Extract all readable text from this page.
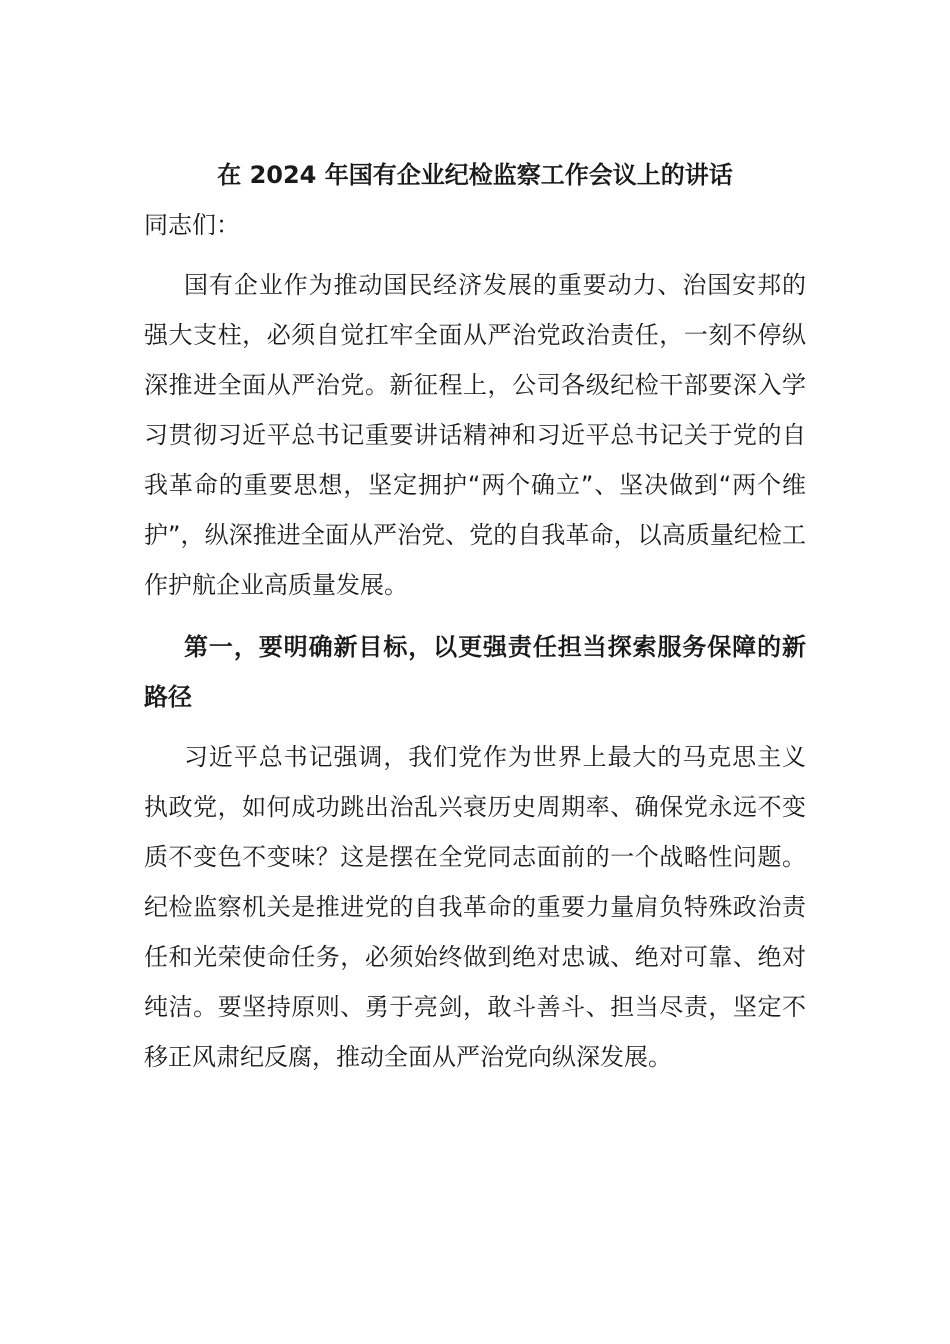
在 2024 年国有企业纪检监察工作会议上的讲话
同志们：

国有企业作为推动国民经济发展的重要动力、治国安邦的强大支柱，必须自觉扛牢全面从严治党政治责任，一刻不停纵深推进全面从严治党。新征程上，公司各级纪检干部要深入学习贯彻习近平总书记重要讲话精神和习近平总书记关于党的自我革命的重要思想，坚定拥护“两个确立”、坚决做到“两个维护”，纵深推进全面从严治党、党的自我革命，以高质量纪检工作护航企业高质量发展。

第一，要明确新目标，以更强责任担当探索服务保障的新路径

习近平总书记强调，我们党作为世界上最大的马克思主义执政党，如何成功跳出治乱兴衰历史周期率、确保党永远不变质不变色不变味？这是摆在全党同志面前的一个战略性问题。纪检监察机关是推进党的自我革命的重要力量肩负特殊政治责任和光荣使命任务，必须始终做到绝对忠诚、绝对可靠、绝对纯洁。要坚持原则、勇于亮剑，敢斗善斗、担当尽责，坚定不移正风肃纪反腐，推动全面从严治党向纵深发展。
